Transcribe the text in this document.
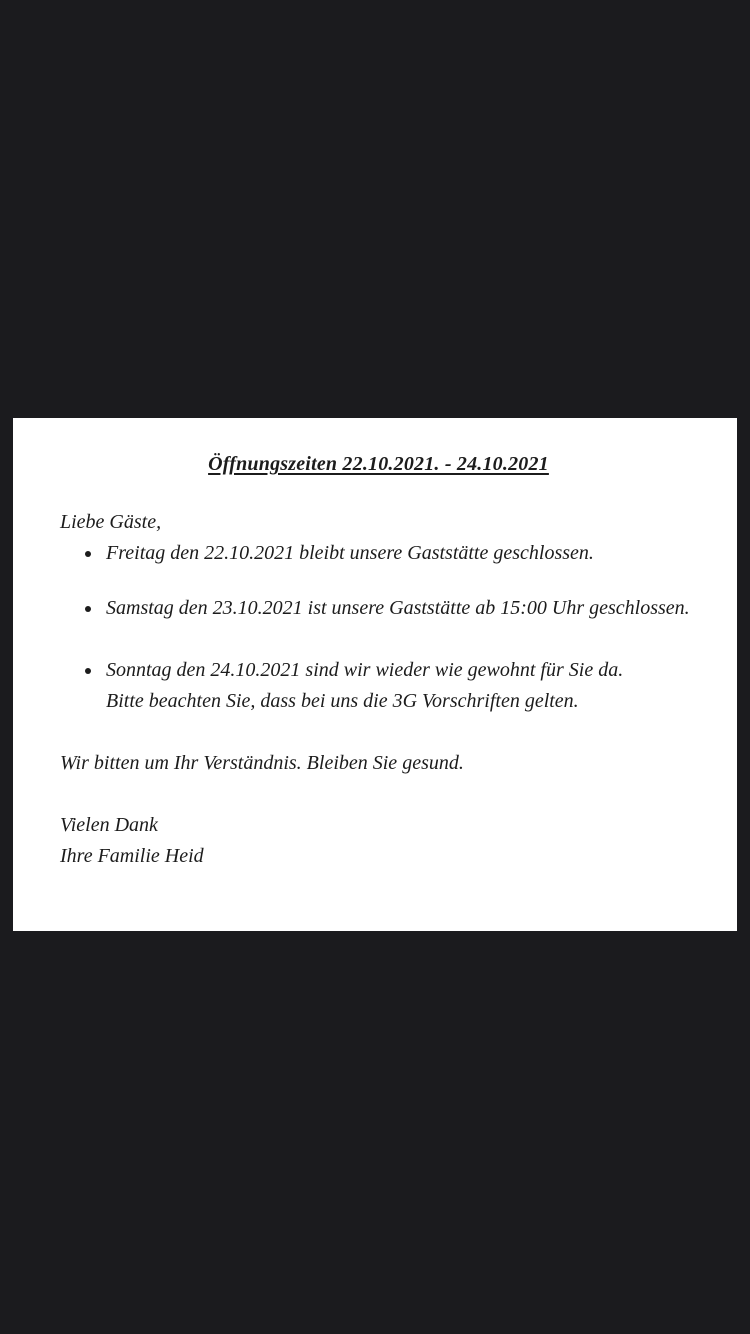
Öffnungszeiten 22.10.2021. - 24.10.2021
Liebe Gäste,
Freitag den 22.10.2021 bleibt unsere Gaststätte geschlossen.
Samstag den 23.10.2021 ist unsere Gaststätte ab 15:00 Uhr geschlossen.
Sonntag den 24.10.2021 sind wir wieder wie gewohnt für Sie da.
Bitte beachten Sie, dass bei uns die 3G Vorschriften gelten.
Wir bitten um Ihr Verständnis. Bleiben Sie gesund.
Vielen Dank
Ihre Familie Heid
